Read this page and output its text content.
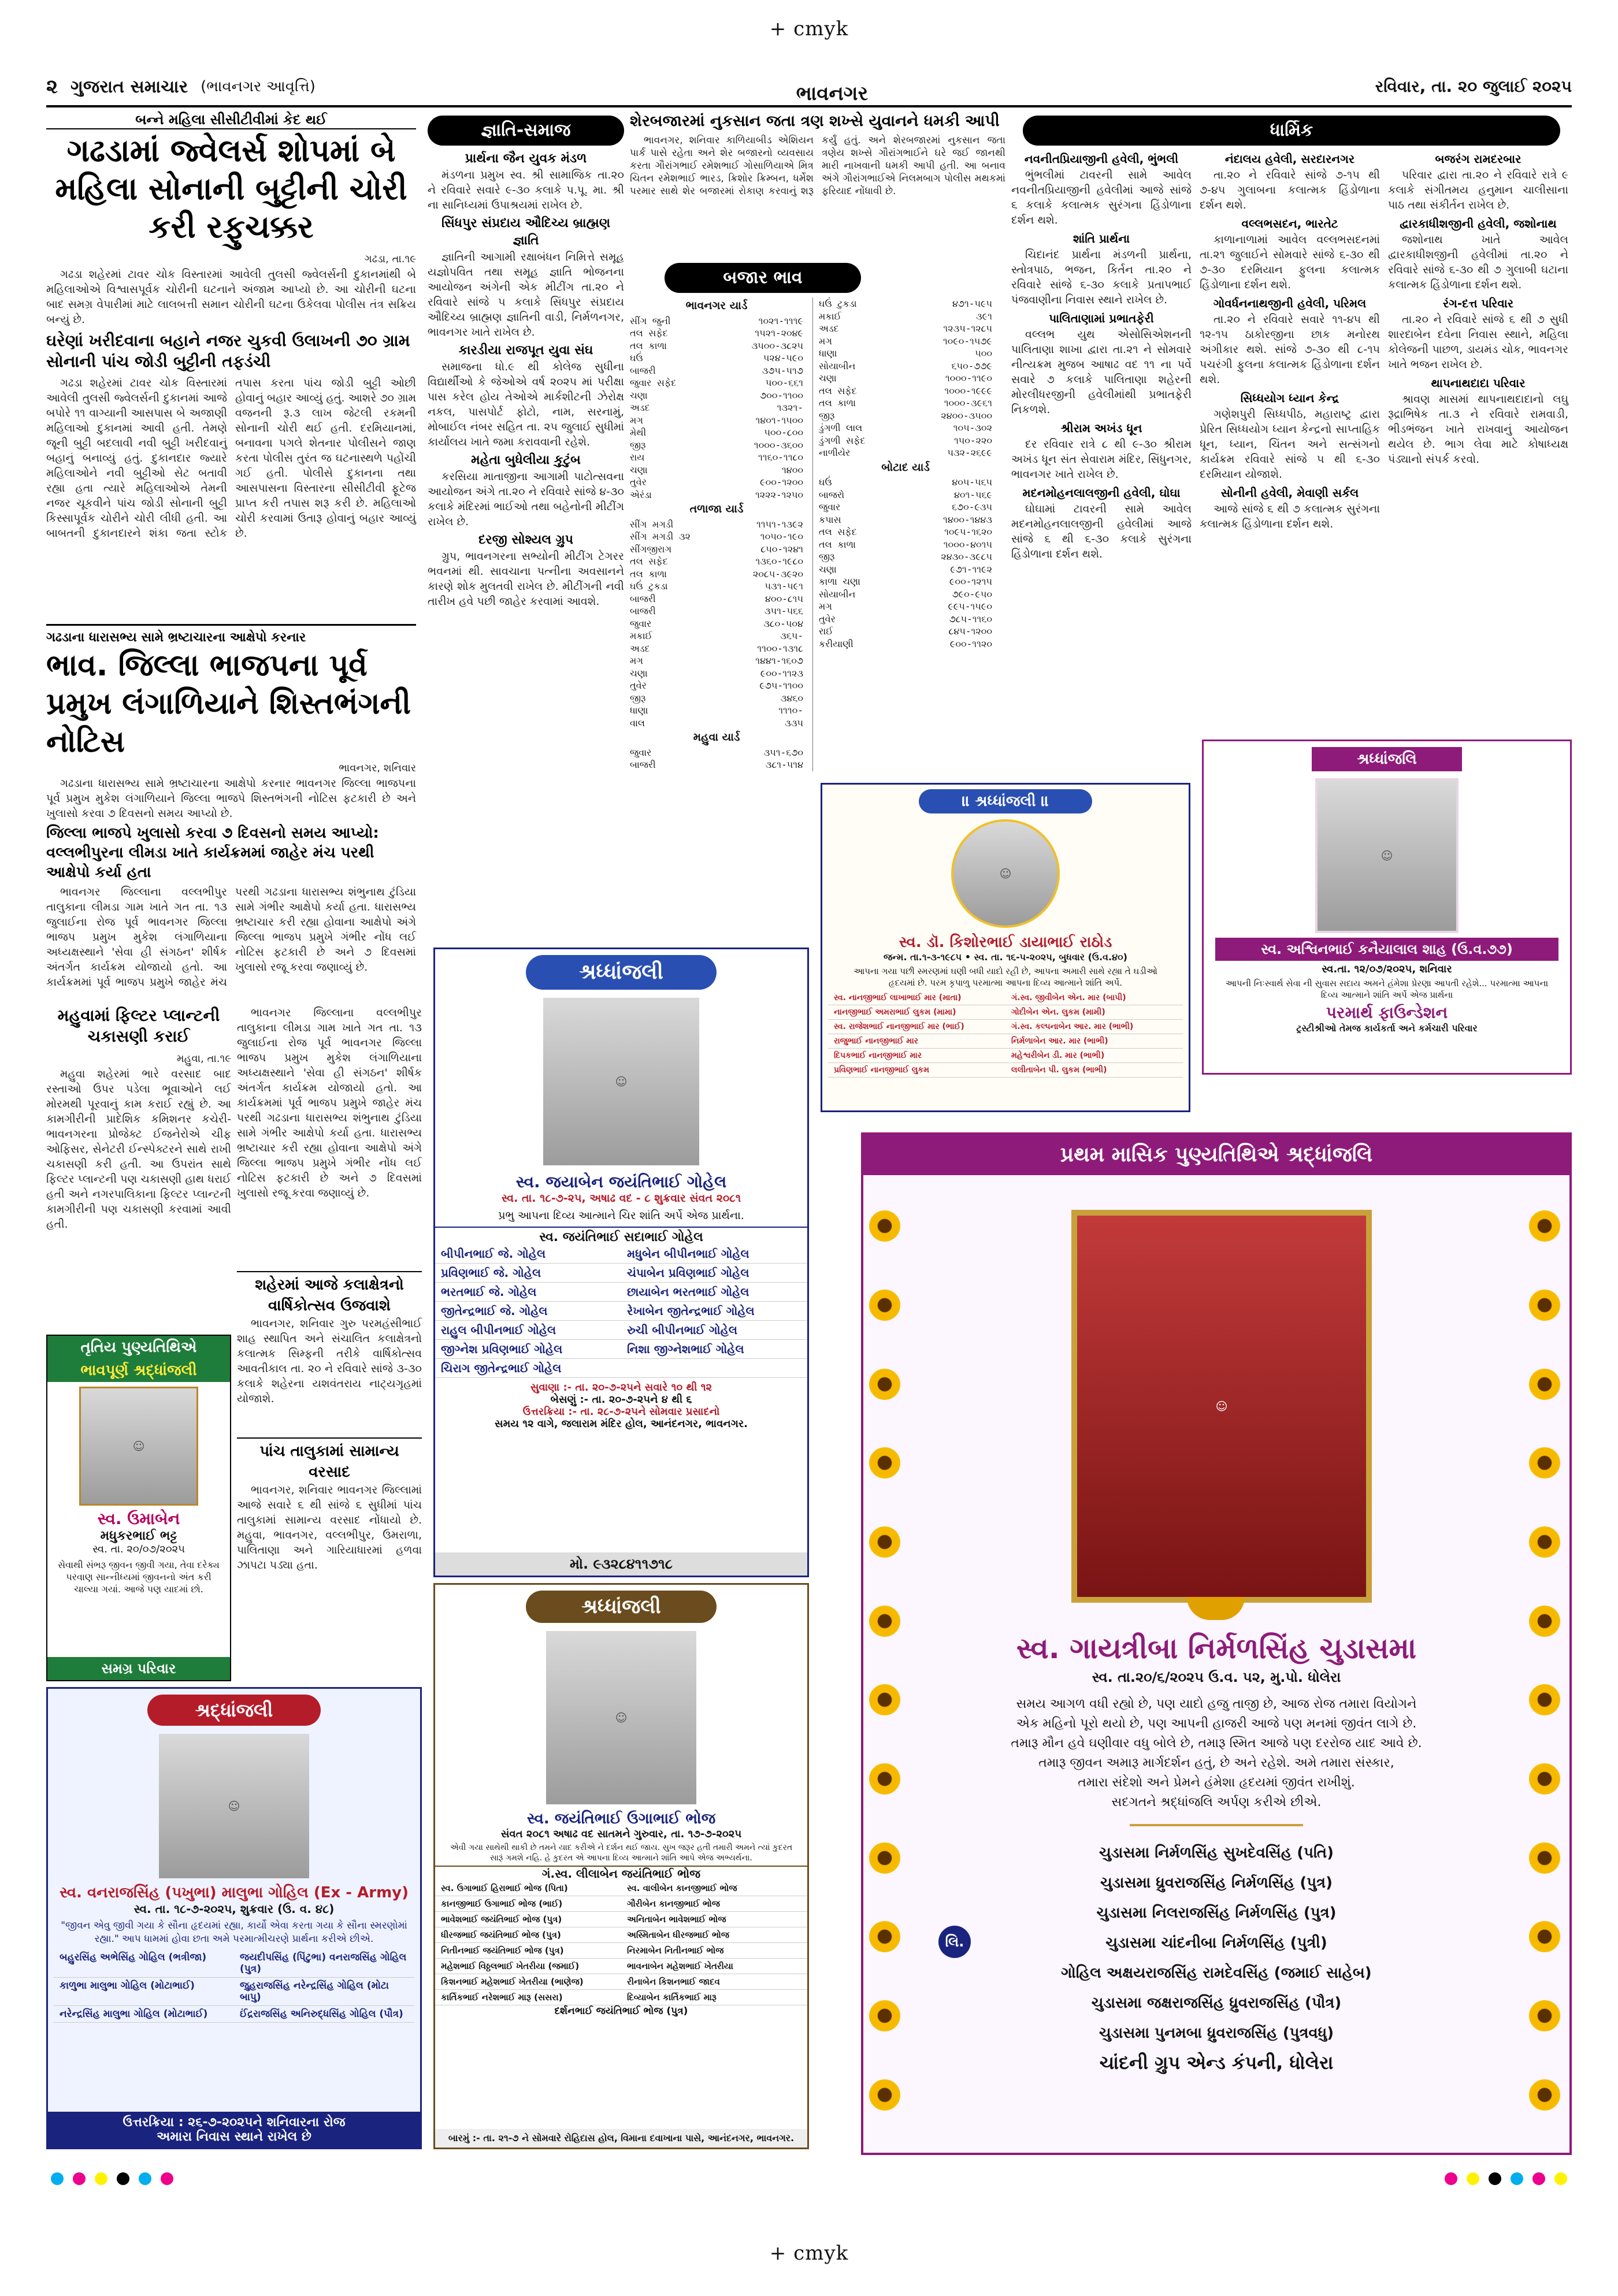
+ cmyk
૨ ગુજરાત સમાચાર (ભાવનગર આવૃત્તિ)	રવિવાર, તા. ૨૦ જુલાઈ ૨૦૨૫
બન્ને મહિલા સીસીટીવીમાં કેદ થઈ
ગઢડામાં જ્વેલર્સ શોપમાં બે મહિલા સોનાની બુટ્ટીની ચોરી કરી રફુચક્કર
ગઢડા, તા.૧૯

ગઢડા શહેરમાં ટાવર ચોક વિસ્તારમાં આવેલી તુલસી જ્વેલર્સની દુકાનમાંથી બે મહિલાઓએ વિશ્વાસપૂર્વક ચોરીની ઘટનાને અંજામ આપ્યો છે. આ ચોરીની ઘટના બાદ સમગ્ર વેપારીમાં માટે લાલબત્તી સમાન ચોરીની ઘટના ઉકેલવા પોલીસ તંત્ર સક્રિય બન્યું છે.

ઘરેણાં ખરીદવાના બહાને નજર ચુકવી ઉલાખની ૭૦ ગ્રામ સોનાની પાંચ જોડી બુટ્ટીની તફડંચી

ગઢડા શહેરમાં ટાવર ચોક વિસ્તારમાં આવેલી તુલસી જ્વેલર્સની દુકાનમાં આજે બપોરે ૧૧ વાગ્યાની આસપાસ બે અજાણી મહિલાઓ દુકાનમાં આવી હતી. તેમણે જૂની બુટ્ટી બદલાવી નવી બુટ્ટી ખરીદવાનું બહાનું બનાવ્યું હતું. દુકાનદાર જ્યારે મહિલાઓને નવી બુટ્ટીઓ સેટ બતાવી રહ્યા હતા ત્યારે મહિલાઓએ તેમની નજર ચૂકવીને પાંચ જોડી સોનાની બુટ્ટી કિસ્સાપૂર્વક ચોરીને ચોરી લીધી હતી. આ બાબતની દુકાનદારને શંકા જતા સ્ટોક તપાસ કરતા પાંચ જોડી બુટ્ટી ઓછી હોવાનું બહાર આવ્યું હતું. આશરે ૭૦ ગ્રામ વજનની રૂ.૩ લાખ જેટલી રકમની સોનાની ચોરી થઈ હતી. દરમિયાનમાં, બનાવના પગલે શેતનાર પોલીસને જાણ કરતા પોલીસ તુરંત જ ઘટનાસ્થળે પહોંચી ગઈ હતી. પોલીસે દુકાનના તથા આસપાસના વિસ્તારના સીસીટીવી ફૂટેજ પ્રાપ્ત કરી તપાસ શરૂ કરી છે. મહિલાઓ ચોરી કરવામાં ઉતારૂ હોવાનું બહાર આવ્યું છે.

ગઢડાના ધારાસભ્ય સામે ભ્રષ્ટાચારના આક્ષેપો કરનાર
ભાવ. જિલ્લા ભાજપના પૂર્વ પ્રમુખ લંગાળિયાને શિસ્તભંગની નોટિસ
ભાવનગર, શનિવાર

ગઢડાના ધારાસભ્ય સામે ભ્રષ્ટાચારના આક્ષેપો કરનાર ભાવનગર જિલ્લા ભાજપના પૂર્વ પ્રમુખ મુકેશ લંગાળિયાને જિલ્લા ભાજપે શિસ્તભંગની નોટિસ ફટકારી છે અને ખુલાસો કરવા ૭ દિવસનો સમય આપ્યો છે.

જિલ્લા ભાજપે ખુલાસો કરવા ૭ દિવસનો સમય આપ્યો: વલ્લભીપુરના લીમડા ખાતે કાર્યક્રમમાં જાહેર મંચ પરથી આક્ષેપો કર્યા હતા

ભાવનગર જિલ્લાના વલ્લભીપુર તાલુકાના લીમડા ગામ ખાતે ગત તા. ૧૩ જુલાઈના રોજ પૂર્વ ભાવનગર જિલ્લા ભાજપ પ્રમુખ મુકેશ લંગાળિયાના અધ્યક્ષસ્થાને 'સેવા હી સંગઠન' શીર્ષક અંતર્ગત કાર્યક્રમ યોજાયો હતો. આ કાર્યક્રમમાં પૂર્વ ભાજપ પ્રમુખે જાહેર મંચ પરથી ગઢડાના ધારાસભ્ય શંભુનાથ ટુંડિયા સામે ગંભીર આક્ષેપો કર્યા હતા. ધારાસભ્ય ભ્રષ્ટાચાર કરી રહ્યા હોવાના આક્ષેપો અંગે જિલ્લા ભાજપ પ્રમુખે ગંભીર નોંધ લઈ નોટિસ ફટકારી છે અને ૭ દિવસમાં ખુલાસો રજૂ કરવા જણાવ્યું છે.

મહુવામાં ફિલ્ટર પ્લાન્ટની ચકાસણી કરાઈ
મહુવા, તા.૧૯

મહુવા શહેરમાં ભારે વરસાદ બાદ રસ્તાઓ ઉપર પડેલા ભૂવાઓને લઈ મોરમથી પૂરવાનું કામ કરાઈ રહ્યું છે. આ કામગીરીની પ્રાદેશિક કમિશનર કચેરી-ભાવનગરના પ્રોજેક્ટ ઈજનેરોએ ચીફ ઓફિસર, સેનેટરી ઈન્સ્પેક્ટરને સાથે રાખી ચકાસણી કરી હતી. આ ઉપરાંત સાથે ફિલ્ટર પ્લાન્ટની પણ ચકાસણી હાથ ધરાઈ હતી અને નગરપાલિકાના ફિલ્ટર પ્લાન્ટની કામગીરીની પણ ચકાસણી કરવામાં આવી હતી.

ભાવનગર જિલ્લાના વલ્લભીપુર તાલુકાના લીમડા ગામ ખાતે ગત તા. ૧૩ જુલાઈના રોજ પૂર્વ ભાવનગર જિલ્લા ભાજપ પ્રમુખ મુકેશ લંગાળિયાના અધ્યક્ષસ્થાને 'સેવા હી સંગઠન' શીર્ષક અંતર્ગત કાર્યક્રમ યોજાયો હતો. આ કાર્યક્રમમાં પૂર્વ ભાજપ પ્રમુખે જાહેર મંચ પરથી ગઢડાના ધારાસભ્ય શંભુનાથ ટુંડિયા સામે ગંભીર આક્ષેપો કર્યા હતા. ધારાસભ્ય ભ્રષ્ટાચાર કરી રહ્યા હોવાના આક્ષેપો અંગે જિલ્લા ભાજપ પ્રમુખે ગંભીર નોંધ લઈ નોટિસ ફટકારી છે અને ૭ દિવસમાં ખુલાસો રજૂ કરવા જણાવ્યું છે.

શહેરમાં આજે કલાક્ષેત્રનો વાર્ષિકોત્સવ ઉજવાશે

ભાવનગર, શનિવાર ગુરુ પરમહંસીભાઈ શાહ સ્થાપિત અને સંચાલિત કલાક્ષેત્રનો કલાત્મક સિમ્ફની તરીકે વાર્ષિકોત્સવ આવતીકાલ તા. ૨૦ ને રવિવારે સાંજે ૩-૩૦ કલાકે શહેરના યશવંતરાય નાટ્યગૃહમાં યોજાશે.

પાંચ તાલુકામાં સામાન્ય વરસાદ

ભાવનગર, શનિવાર ભાવનગર જિલ્લામાં આજે સવારે ૬ થી સાંજે ૬ સુધીમાં પાંચ તાલુકામાં સામાન્ય વરસાદ નોંધાયો છે. મહુવા, ભાવનગર, વલ્લભીપુર, ઉમરાળા, પાલિતાણા અને ગારિયાધારમાં હળવા ઝાપટા પડ્યા હતા.

તૃતિય પુણ્યતિથિએ
ભાવપૂર્ણ શ્રદ્ધાંજલી
☺
સ્વ. ઉમાબેન
મધુકરભાઈ ભટ્ટ
સ્વ. તા. ૨૦/૦૭/૨૦૨૫
સેવાથી સંભરૂ જીવન જીવી ગયા, તેવા દરેક્ય પરવાણ સાન્નીધ્યમાં જીવનનો અંત કરી ચાલ્યા ગયાં. આજે પણ યાદમાં છો.
સમગ્ર પરિવાર
શ્રદ્ધાંજલી
☺
સ્વ. વનરાજસિંહ (પખુભા) માલુભા ગોહિલ (Ex - Army)
સ્વ. તા. ૧૮-૭-૨૦૨૫, શુક્રવાર (ઉ. વ. ૪૮)
"જીવન એવુ જીવી ગયા કે સૌના હૃદયમાં રહ્યા, કાર્યો એવા કરતા ગયા કે સૌના સ્મરણોમાં રહ્યા." આપ ધામમાં હોવા છતા અમે પરમાત્મીચરણે પ્રાર્થના કરીએ છીએ.
બહુરસિંહ અભેસિંહ ગોહિલ (ભત્રીજા)	જયદીપસિંહ (પિંટુભા) વનરાજસિંહ ગોહિલ (પુત્ર)
કાળુભા માલુભા ગોહિલ (મોટાભાઈ)	જુહરાજસિંહ નરેન્દ્રસિંહ ગોહિલ (મોટા બાપુ)
નરેન્દ્રસિંહ માલુભા ગોહિલ (મોટાભાઈ)	ઈંદ્રરાજસિંહ અનિરુદ્ધસિંહ ગોહિલ (પૌત્ર)
ઉત્તરક્રિયા : ૨૬-૭-૨૦૨૫ને શનિવારના રોજ
અમારા નિવાસ સ્થાને રાખેલ છે
જ્ઞાતિ-સમાજ
પ્રાર્થના જૈન યુવક મંડળ

મંડળના પ્રમુખ સ્વ. શ્રી સામાજિક તા.૨૦ ને રવિવારે સવારે ૯-૩૦ કલાકે પ.પૂ. મા. શ્રી ના સાનિધ્યમાં ઉપાશ્રયમાં રાખેલ છે.

સિંધપુર સંપ્રદાય ઔદિચ્ય બ્રાહ્મણ જ્ઞાતિ

જ્ઞાતિની આગામી રક્ષાબંધન નિમિત્તે સમૂહ યજ્ઞોપવિત તથા સમૂહ જ્ઞાતિ ભોજનના આયોજન અંગેની એક મીટીંગ તા.૨૦ ને રવિવારે સાંજે ૫ કલાકે સિંધપુર સંપ્રદાય ઔદિચ્ય બ્રાહ્મણ જ્ઞાતિની વાડી, નિર્મળનગર, ભાવનગર ખાતે રાખેલ છે.

કારડીયા રાજપૂત યુવા સંઘ

સમાજના ધો.૯ થી કોલેજ સુધીના વિદ્યાર્થીઓ કે જેઓએ વર્ષ ૨૦૨૫ માં પરીક્ષા પાસ કરેલ હોય તેઓએ માર્કશીટની ઝેરોક્ષ નકલ, પાસપોર્ટ ફોટો, નામ, સરનામું, મોબાઈલ નંબર સહિત તા. ૨૫ જુલાઈ સુધીમાં કાર્યાલય ખાતે જમા કરાવવાની રહેશે.

મહેતા બુધેલીયા કુટુંબ

કરસિયા માતાજીના આગામી પાટોત્સવના આયોજન અંગે તા.૨૦ ને રવિવારે સાંજે ૪-૩૦ કલાકે મંદિરમાં ભાઈઓ તથા બહેનોની મીટીંગ રાખેલ છે.

દરજી સોશ્યલ ગ્રુપ

ગ્રુપ, ભાવનગરના સભ્યોની મીટીંગ ટેગરર ભવનમાં થી. સાવચાના પત્નીના અવસાનને કારણે શોક મુલતવી રાખેલ છે. મીટીંગની નવી તારીખ હવે પછી જાહેર કરવામાં આવશે.

શેરબજારમાં નુકસાન જતા ત્રણ શખ્સે યુવાનને ધમકી આપી

ભાવનગર, શનિવાર કાળિયાબીડ એશિયન પાર્ક પાસે રહેતા અને શેર બજારનો વ્યવસાય કરતા ગૌરાંગભાઈ રમેશભાઈ ગોસાળિયાએ મિત્ર ચિતન રમેશભાઈ ભારડ, ક્રિશોર ક્રિમ્બન, ધર્મેશ પરમાર સાથે શેર બજારમાં રોકાણ કરવાનું શરૂ કર્યું હતું. અને શેરબજારમાં નુકસાન જતા ત્રણેય શખ્સે ગૌરાંગભાઈને ઘરે જઈ જાનથી મારી નાખવાની ધમકી આપી હતી. આ બનાવ અંગે ગૌરાંગભાઈએ નિલમબાગ પોલીસ મથકમાં ફરિયાદ નોંધાવી છે.

ભાવનગર
બજાર ભાવ
ભાવનગર યાર્ડ
સીંગ જુની	૧૦૨૧-૧૧૧૯
તલ સફેદ	૧૫૨૧-૨૦૪૯
તલ કાળા	૩૫૦૦-૩૮૨૫
ઘઉં	૫૨૪-૫૯૦
બાજરી	૩૭૫-૫૧૭
જુવાર સફેદ	૫૦૦-૬૬૧
ચણા	૭૦૦-૧૧૦૦
અડદ	૧૩૨૧-
મગ	૧૪૦૧-૧૫૦૦
મેથી	૫૦૦-૮૦૦
જીરૂ	૧૦૦૦-૩૬૦૦
રાય	૧૧૬૦-૧૧૮૦
ચણા	૧૪૦૦
તુવેર	૯૦૦-૧૨૦૦
એરંડા	૧૨૨૨-૧૨૫૦
તળાજા યાર્ડ
સીંગ મગડી	૧૧૫૧-૧૩૯૨
સીંગ મગડી ૩૨	૧૦૫૦-૧૯૦
સીંગજીરાગ	૮૫૦-૧૨૪૧
તલ સફેદ	૧૩૬૦-૧૯૮૦
તલ કાળા	૨૦૮૫-૩૯૨૦
ઘઉં ટુકડા	૫૩૧-૫૯૧
બાજરી	૪૦૦-૮૧૫
બાજરી	૩૫૧-૫૬૬
જુવાર	૩૮૦-૫૦૪
મકાઈ	૩૬૫-
અડદ	૧૧૦૦-૧૩૧૮
મગ	૧૪૪૧-૧૬૦૭
ચણા	૯૦૦-૧૧૨૩
તુવેર	૯૭૫-૧૧૦૦
જીરૂ	૩૪૬૦
ધાણા	૧૧૧૦-
વાલ	૩૩૫
મહુવા યાર્ડ
જુવાર	૩૫૧-૬૭૦
બાજરી	૩૮૧-૫૧૪
ઘઉં ટુકડા	૪૭૧-૫૯૫
મકાઈ	૩૯૧
અડદ	૧૨૩૫-૧૨૮૫
મગ	૧૦૯૦-૧૫૭૯
ધાણા	૫૦૦
સોયાબીન	૬૫૦-૭૭૯
ચણા	૧૦૦૦-૧૧૯૦
તલ સફેદ	૧૦૦૦-૧૯૯૯
તલ કાળા	૧૦૦૦-૩૯૬૧
જીરૂ	૨૪૦૦-૩૫૦૦
ડુંગળી લાલ	૧૦૫-૩૦૨
ડુંગળી સફેદ	૧૫૦-૨૨૦
નાળીયેર	૫૩૨-૨૬૯૯
બોટાદ યાર્ડ
ઘઉં	૪૦૫-૫૬૫
બાજરો	૪૦૧-૫૬૯
જુવાર	૬૭૦-૯૩૫
કપાસ	૧૪૦૦-૧૪૪૩
તલ સફેદ	૧૦૯૫-૧૬૨૦
તલ કાળા	૧૦૦૦-૪૦૧૫
જીરૂ	૨૪૩૦-૩૯૮૫
ચણા	૯૭૧-૧૧૯૨
કાળા ચણા	૯૦૦-૧૨૧૫
સોયાબીન	૭૯૦-૯૫૦
મગ	૯૯૫-૧૫૯૦
તુવેર	૭૮૫-૧૧૬૦
રાઈ	૮૪૫-૧૨૦૦
કરીયાણી	૯૦૦-૧૧૨૦
ધાર્મિક
નવનીતપ્રિયાજીની હવેલી, ભુંભલી

ભુંભલીમાં ટાવરની સામે આવેલ નવનીતપ્રિયાજીની હવેલીમાં આજે સાંજે ૬ કલાકે કલાત્મક સુરંગના હિંડોળાના દર્શન થશે.

શાંતિ પ્રાર્થના

ચિદાનંદ પ્રાર્થના મંડળની પ્રાર્થના, સ્તોત્રપાઠ, ભજન, કિર્તન તા.૨૦ ને રવિવારે સાંજે ૬-૩૦ કલાકે પ્રતાપભાઈ પંજવાણીના નિવાસ સ્થાને રાખેલ છે.

પાલિતાણામાં પ્રભાતફેરી

વલ્લભ યુથ એસોસિએશનની પાલિતાણા શાખા દ્વારા તા.૨૧ ને સોમવારે નીત્યક્રમ મુજબ આષાઢ વદ ૧૧ ના પર્વે સવારે ૭ કલાકે પાલિતાણા શહેરની મોરલીધરજીની હવેલીમાંથી પ્રભાતફેરી નિકળશે.

શ્રીરામ અખંડ ધૂન

દર રવિવાર રાત્રે ૮ થી ૯-૩૦ શ્રીરામ અખંડ ધૂન સંત સેવારામ મંદિર, સિંધુનગર, ભાવનગર ખાતે રાખેલ છે.

મદનમોહનલાલજીની હવેલી, ઘોઘા

ઘોઘામાં ટાવરની સામે આવેલ મદનમોહનલાલજીની હવેલીમાં આજે સાંજે ૬ થી ૬-૩૦ કલાકે સુરંગના હિંડોળાના દર્શન થશે.

નંદાલય હવેલી, સરદારનગર

તા.૨૦ ને રવિવારે સાંજે ૭-૧૫ થી ૭-૪૫ ગુલાબના કલાત્મક હિંડોળાના દર્શન થશે.

વલ્લભસદન, ભારતેટ

કાળાનાળામાં આવેલ વલ્લભસદનમાં તા.૨૧ જુલાઈને સોમવારે સાંજે ૬-૩૦ થી ૭-૩૦ દરમિયાન ફુલના કલાત્મક હિંડોળાના દર્શન થશે.

ગોવર્ધનનાથજીની હવેલી, પરિમલ

તા.૨૦ ને રવિવારે સવારે ૧૧-૪૫ થી ૧૨-૧૫ ઠાકોરજીના છાક મનોરથ અંગીકાર થશે. સાંજે ૭-૩૦ થી ૮-૧૫ પચરંગી ફુલના કલાત્મક હિંડોળાના દર્શન થશે.

સિધ્ધયોગ ધ્યાન કેન્દ્ર

ગણેશપુરી સિધ્ધપીઠ, મહારાષ્ટ્ર દ્વારા પ્રેરિત સિધ્ધયોગ ધ્યાન કેન્દ્રનો સાપ્તાહિક ધૂન, ધ્યાન, ચિંતન અને સત્સંગનો કાર્યક્રમ રવિવારે સાંજે ૫ થી ૬-૩૦ દરમિયાન યોજાશે.

સોનીની હવેલી, મેવાણી સર્કલ

આજે સાંજે ૬ થી ૭ કલાત્મક સુરંગના કલાત્મક હિંડોળાના દર્શન થશે.

બજરંગ રામદરબાર

પરિવાર દ્વારા તા.૨૦ ને રવિવારે રાત્રે ૯ કલાકે સંગીતમય હનુમાન ચાલીસાના પાઠ તથા સંકીર્તન રાખેલ છે.

દ્વારકાધીશજીની હવેલી, જશોનાથ

જશોનાથ ખાતે આવેલ દ્વારકાધીશજીની હવેલીમાં તા.૨૦ ને રવિવારે સાંજે ૬-૩૦ થી ૭ ગુલાબી ઘટાના કલાત્મક હિંડોળાના દર્શન થશે.

રંગ-દત્ત પરિવાર

તા.૨૦ ને રવિવારે સાંજે ૬ થી ૭ સુધી શારદાબેન દવેના નિવાસ સ્થાને, મહિલા કોલેજની પાછળ, ડાયમંડ ચોક, ભાવનગર ખાતે ભજન રાખેલ છે.

થાપનાથદાદા પરિવાર

શ્રાવણ માસમાં થાપનાથદાદાનો લઘુ રૂદ્રાભિષેક તા.૩ ને રવિવારે રામવાડી, ભીડભંજન ખાતે રાખવાનું આયોજન થયેલ છે. ભાગ લેવા માટે કોષાધ્યક્ષ પંડ્યાનો સંપર્ક કરવો.

॥ શ્રધ્ધાંજલી ॥
☺
સ્વ. ડૉ. કિશોરભાઈ ડાયાભાઈ રાઠોડ
જન્મ. તા.૧-૩-૧૯૮૫ • સ્વ. તા. ૧૬-૫-૨૦૨૫, બુધવાર (ઉ.વ.૪૦)
આપના ગયા પછી સ્મરણમાં ઘણી બધી યાદો રહી છે, આપના અમારી સાથે રહ્યા તે ઘડીઓ હૃદયમાં છે. પરમ કૃપાળુ પરમાત્મા આપના દિવ્ય આત્માને શાંતિ અર્પે.
સ્વ. નાનજીભાઈ લાખાભાઈ માર (માતા)	ગં.સ્વ. જીવીબેન એન. માર (બાપી)
નાનજીભાઈ અમરાભાઈ લુકમ (મામા)	ગોદીબેન એન. લુકમ (મામી)
સ્વ. રાજેશભાઈ નાનજીભાઈ માર (ભાઈ)	ગં.સ્વ. કલ્પનાબેન આર. માર (ભાભી)
રાજુભાઈ નાનજીભાઈ માર	નિર્મળાબેન આર. માર (ભાભી)
દિપકભાઈ નાનજીભાઈ માર	મહેશ્વરીબેન ડી. માર (ભાભી)
પ્રવિણભાઈ નાનજીભાઈ લુકમ	લલીતાબેન પી. લુકમ (ભાભી)
શ્રધ્ધાંજલિ
☺
સ્વ. અશ્વિનભાઈ કનૈયાલાલ શાહ (ઉ.વ.૭૭)
સ્વ.તા. ૧૨/૦૭/૨૦૨૫, શનિવાર
આપની નિઃસ્વાર્થ સેવા ની સુવાસ સદાય અમને હંમેશા પ્રેરણા આપતી રહેશે... પરમાત્મા આપના દિવ્ય આત્માને શાંતિ અર્પે એજ પ્રાર્થના
પરમાર્થ ફાઉન્ડેશન
ટ્રસ્ટીશ્રીઓ તેમજ કાર્યકર્તા અને કર્મચારી પરિવાર
શ્રધ્ધાંજલી
☺
સ્વ. જયાબેન જયંતિભાઈ ગોહેલ
સ્વ. તા. ૧૮-૭-૨૫, અષાઢ વદ - ૮ શુક્રવાર સંવત ૨૦૮૧
પ્રભુ આપના દિવ્ય આત્માને ચિર શાંતિ અર્પે એજ પ્રાર્થના.
સ્વ. જયંતિભાઈ સદાભાઈ ગોહેલ
બીપીનભાઈ જે. ગોહેલ	મધુબેન બીપીનભાઈ ગોહેલ
પ્રવિણભાઈ જે. ગોહેલ	ચંપાબેન પ્રવિણભાઈ ગોહેલ
ભરતભાઈ જે. ગોહેલ	છાયાબેન ભરતભાઈ ગોહેલ
જીતેન્દ્રભાઈ જે. ગોહેલ	રેખાબેન જીતેન્દ્રભાઈ ગોહેલ
રાહુલ બીપીનભાઈ ગોહેલ	રુચી બીપીનભાઈ ગોહેલ
જીગ્નેશ પ્રવિણભાઈ ગોહેલ	નિશા જીગ્નેશભાઈ ગોહેલ
ચિરાગ જીતેન્દ્રભાઈ ગોહેલ
સુવાણા :- તા. ૨૦-૭-૨૫ને સવારે ૧૦ થી ૧૨
બેસણું :- તા. ૨૦-૭-૨૫ને ૪ થી ૬
ઉત્તરક્રિયા :- તા. ૨૮-૭-૨૫ને સોમવાર પ્રસાદનો
સમય ૧૨ વાગે, જલારામ મંદિર હોલ, આનંદનગર, ભાવનગર.
મો. ૯૩૨૮૪૧૧૭૧૮
શ્રધ્ધાંજલી
☺
સ્વ. જયંતિભાઈ ઉગાભાઈ ભોજ
સંવત ૨૦૮૧ અષાઢ વદ સાતમને ગુરુવાર, તા. ૧૭-૭-૨૦૨૫
એવી ગયા સાથેથી થાકી છે તમને યાદ કરીએ ને દર્શન થઈ જાય. સુખ જરૂર હતી તમારી અમને ત્યાં કુદરત સારૂં ગમશે નહિ. હે કુદરત એ આપના દિવ્ય આત્માને શાંતિ આપે એજ અભ્યર્થના.
ગં.સ્વ. લીલાબેન જયંતિભાઈ ભોજ
સ્વ. ઉગાભાઈ હિરાભાઈ ભોજ (પિતા)	સ્વ. વાલીબેન કાનજીભાઈ ભોજ
કાનજીભાઈ ઉગાભાઈ ભોજ (ભાઈ)	ગૌરીબેન કાનજીભાઈ ભોજ
ભાવેશભાઈ જયંતિભાઈ ભોજ (પુત્ર)	અનિતાબેન ભાવેશભાઈ ભોજ
ધીરજભાઈ જયંતિભાઈ ભોજ (પુત્ર)	અસ્મિતાબેન ધીરજભાઈ ભોજ
નિતીનભાઈ જયંતિભાઈ ભોજ (પુત્ર)	નિરમાબેન નિતીનભાઈ ભોજ
મહેશભાઈ વિઠ્ઠલભાઈ ખેતરીયા (જમાઈ)	ભાવનાબેન મહેશભાઈ ખેતરીયા
કિશનભાઈ મહેશભાઈ ખેતરીયા (ભાણેજ)	રીનાબેન કિશનભાઈ જાદવ
કાર્તિકભાઈ નરેશભાઈ મારૂ (સસરા)	દિવ્યાબેન કાર્તિકભાઈ મારૂ
દર્શનભાઈ જયંતિભાઈ ભોજ (પુત્ર)
બારમું :- તા. ૨૧-૭ ને સોમવારે રોહિદાસ હોલ, વિમાના દવાખાના પાસે, આનંદનગર, ભાવનગર.
પ્રથમ માસિક પુણ્યતિથિએ શ્રદ્ધાંજલિ
☺
સ્વ. ગાયત્રીબા નિર્મળસિંહ ચુડાસમા
સ્વ. તા.૨૦/૬/૨૦૨૫ ઉ.વ. ૫૨, મુ.પો. ધોલેરા
સમય આગળ વધી રહ્યો છે, પણ યાદો હજુ તાજી છે, આજ રોજ તમારા વિયોગને
એક મહિનો પૂરો થયો છે, પણ આપની હાજરી આજે પણ મનમાં જીવંત લાગે છે.
તમારૂ મૌન હવે ઘણીવાર વધુ બોલે છે, તમારૂ સ્મિત આજે પણ દરરોજ યાદ આવે છે.
તમારૂ જીવન અમારૂ માર્ગદર્શન હતું, છે અને રહેશે. અમે તમારા સંસ્કાર,
તમારા સંદેશો અને પ્રેમને હંમેશા હૃદયમાં જીવંત રાખીશું.
સદગતને શ્રદ્ધાંજલિ અર્પણ કરીએ છીએ.
ચુડાસમા નિર્મળસિંહ સુખદેવસિંહ (પતિ)
ચુડાસમા ધ્રુવરાજસિંહ નિર્મળસિંહ (પુત્ર)
ચુડાસમા નિલરાજસિંહ નિર્મળસિંહ (પુત્ર)
લિ.	ચુડાસમા ચાંદનીબા નિર્મળસિંહ (પુત્રી)
ગોહિલ અક્ષયરાજસિંહ રામદેવસિંહ (જમાઈ સાહેબ)
ચુડાસમા જક્ષરાજસિંહ ધ્રુવરાજસિંહ (પૌત્ર)
ચુડાસમા પુનમબા ધ્રુવરાજસિંહ (પુત્રવધુ)
ચાંદની ગ્રુપ એન્ડ કંપની, ધોલેરા
+ cmyk
